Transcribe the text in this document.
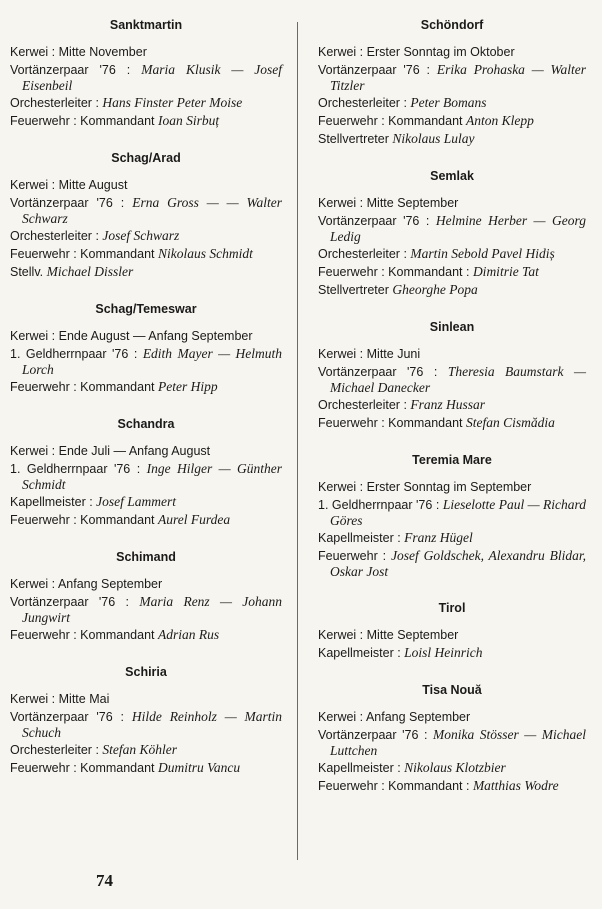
Sanktmartin
Kerwei : Mitte November
Vortänzerpaar '76 : Maria Klusik — Josef Eisenbeil
Orchesterleiter : Hans Finster Peter Moise
Feuerwehr : Kommandant Ioan Sirbuț
Schag/Arad
Kerwei : Mitte August
Vortänzerpaar '76 : Erna Gross — — Walter Schwarz
Orchesterleiter : Josef Schwarz
Feuerwehr : Kommandant Nikolaus Schmidt
Stellv. Michael Dissler
Schag/Temeswar
Kerwei : Ende August — Anfang September
1. Geldherrnpaar '76 : Edith Mayer — Helmuth Lorch
Feuerwehr : Kommandant Peter Hipp
Schandra
Kerwei : Ende Juli — Anfang August
1. Geldherrnpaar '76 : Inge Hilger — Günther Schmidt
Kapellmeister : Josef Lammert
Feuerwehr : Kommandant Aurel Furdea
Schimand
Kerwei : Anfang September
Vortänzerpaar '76 : Maria Renz — Johann Jungwirt
Feuerwehr : Kommandant Adrian Rus
Schiria
Kerwei : Mitte Mai
Vortänzerpaar '76 : Hilde Reinholz — Martin Schuch
Orchesterleiter : Stefan Köhler
Feuerwehr : Kommandant Dumitru Vancu
Schöndorf
Kerwei : Erster Sonntag im Oktober
Vortänzerpaar '76 : Erika Prohaska — Walter Titzler
Orchesterleiter : Peter Bomans
Feuerwehr : Kommandant Anton Klepp
Stellvertreter Nikolaus Lulay
Semlak
Kerwei : Mitte September
Vortänzerpaar '76 : Helmine Herber — Georg Ledig
Orchesterleiter : Martin Sebold Pavel Hidiș
Feuerwehr : Kommandant : Dimitrie Tat
Stellvertreter Gheorghe Popa
Sinlean
Kerwei : Mitte Juni
Vortänzerpaar '76 : Theresia Baumstark — Michael Danecker
Orchesterleiter : Franz Hussar
Feuerwehr : Kommandant Stefan Cismădia
Teremia Mare
Kerwei : Erster Sonntag im September
1. Geldherrnpaar '76 : Lieselotte Paul — Richard Göres
Kapellmeister : Franz Hügel
Feuerwehr : Josef Goldschek, Alexandru Blidar, Oskar Jost
Tirol
Kerwei : Mitte September
Kapellmeister : Loisl Heinrich
Tisa Nouă
Kerwei : Anfang September
Vortänzerpaar '76 : Monika Stösser — Michael Luttchen
Kapellmeister : Nikolaus Klotzbier
Feuerwehr : Kommandant : Matthias Wodre
74
